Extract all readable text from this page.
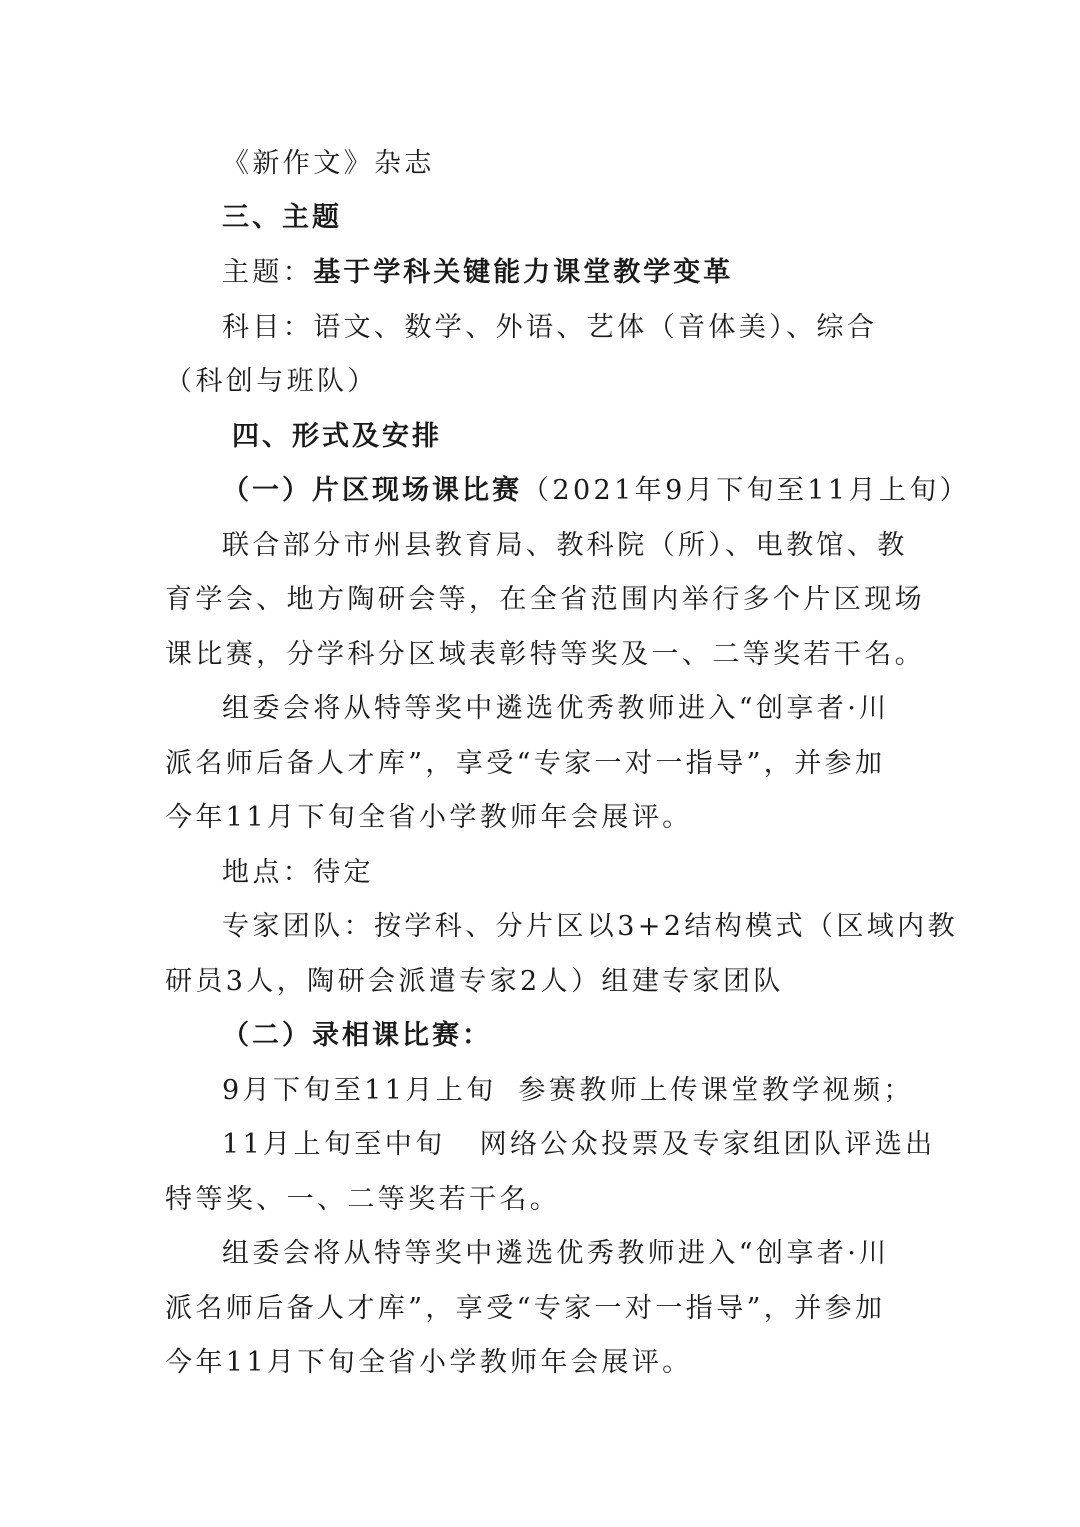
《新作文》杂志
三、主题
主题：基于学科关键能力课堂教学变革
科目：语文、数学、外语、艺体（音体美）、综合
（科创与班队）
四、形式及安排
（一）片区现场课比赛（2021年9月下旬至11月上旬）
联合部分市州县教育局、教科院（所）、电教馆、教
育学会、地方陶研会等，在全省范围内举行多个片区现场
课比赛，分学科分区域表彰特等奖及一、二等奖若干名。
组委会将从特等奖中遴选优秀教师进入“创享者·川
派名师后备人才库”，享受“专家一对一指导”，并参加
今年11月下旬全省小学教师年会展评。
地点：待定
专家团队：按学科、分片区以3+2结构模式（区域内教
研员3人，陶研会派遣专家2人）组建专家团队
（二）录相课比赛：
9月下旬至11月上旬 参赛教师上传课堂教学视频；
11月上旬至中旬 网络公众投票及专家组团队评选出
特等奖、一、二等奖若干名。
组委会将从特等奖中遴选优秀教师进入“创享者·川
派名师后备人才库”，享受“专家一对一指导”，并参加
今年11月下旬全省小学教师年会展评。
